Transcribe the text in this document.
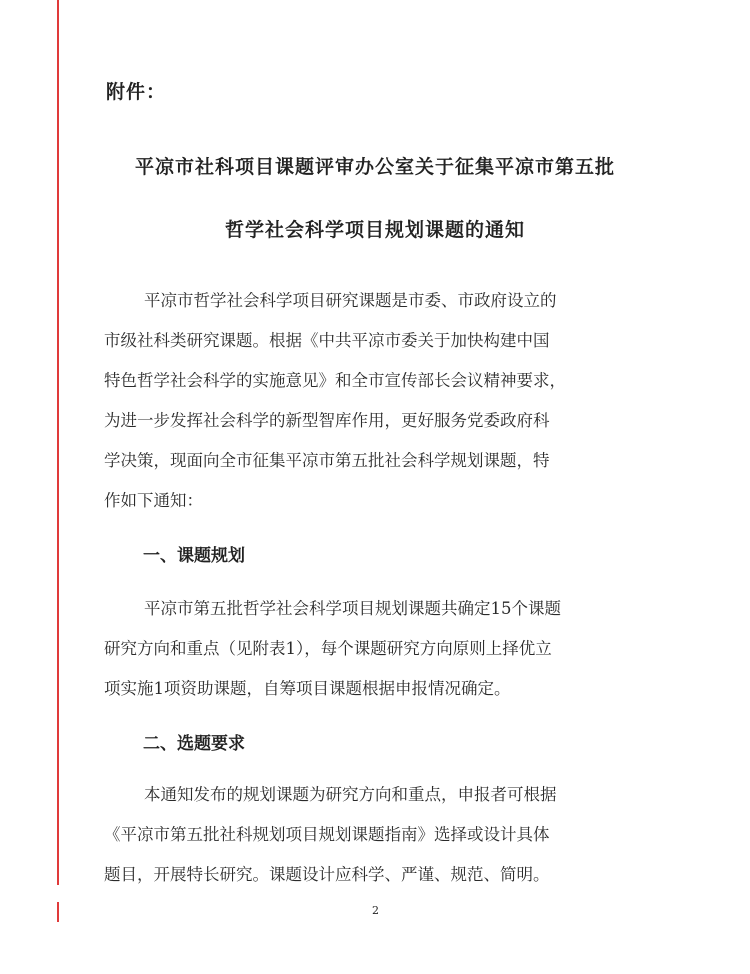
附件：
平凉市社科项目课题评审办公室关于征集平凉市第五批
哲学社会科学项目规划课题的通知
平凉市哲学社会科学项目研究课题是市委、市政府设立的
市级社科类研究课题。根据《中共平凉市委关于加快构建中国
特色哲学社会科学的实施意见》和全市宣传部长会议精神要求，
为进一步发挥社会科学的新型智库作用，更好服务党委政府科
学决策，现面向全市征集平凉市第五批社会科学规划课题，特
作如下通知：
一、课题规划
平凉市第五批哲学社会科学项目规划课题共确定15个课题
研究方向和重点（见附表1），每个课题研究方向原则上择优立
项实施1项资助课题，自筹项目课题根据申报情况确定。
二、选题要求
本通知发布的规划课题为研究方向和重点，申报者可根据
《平凉市第五批社科规划项目规划课题指南》选择或设计具体
题目，开展特长研究。课题设计应科学、严谨、规范、简明。
2
